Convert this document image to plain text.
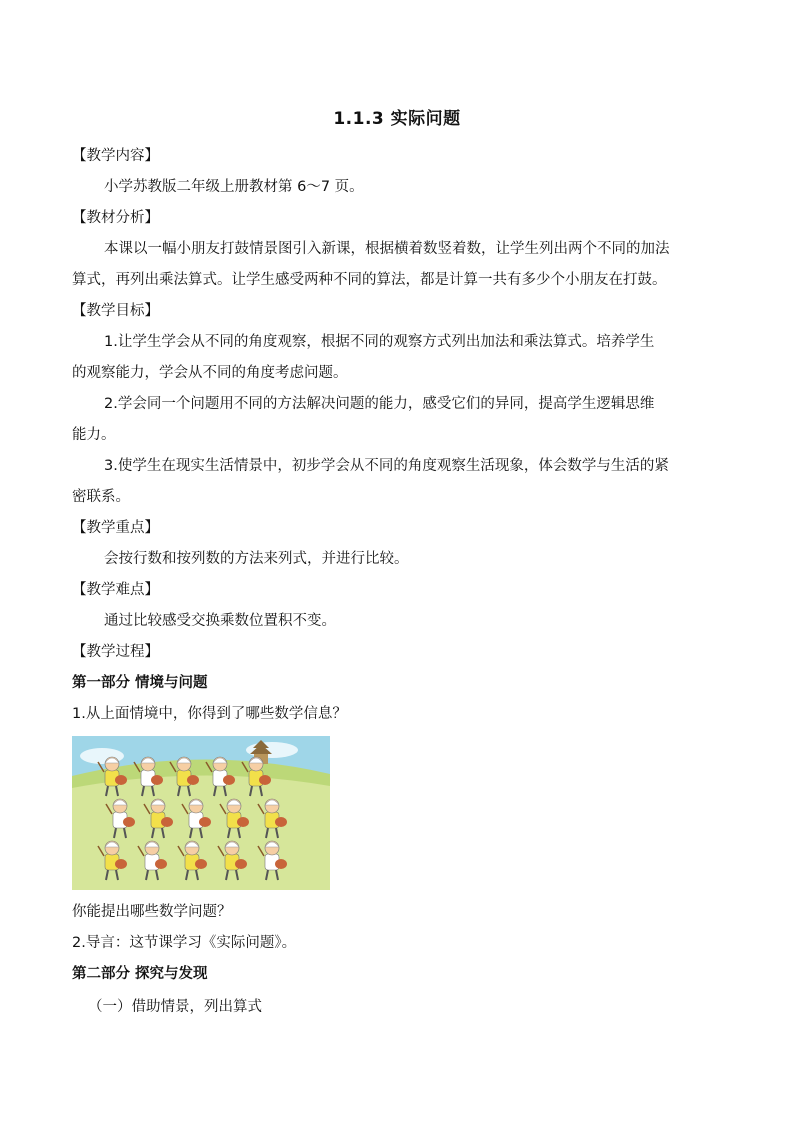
1.1.3 实际问题
【教学内容】
小学苏教版二年级上册教材第 6～7 页。
【教材分析】
本课以一幅小朋友打鼓情景图引入新课，根据横着数竖着数，让学生列出两个不同的加法
算式，再列出乘法算式。让学生感受两种不同的算法，都是计算一共有多少个小朋友在打鼓。
【教学目标】
1.让学生学会从不同的角度观察，根据不同的观察方式列出加法和乘法算式。培养学生
的观察能力，学会从不同的角度考虑问题。
2.学会同一个问题用不同的方法解决问题的能力，感受它们的异同，提高学生逻辑思维
能力。
3.使学生在现实生活情景中，初步学会从不同的角度观察生活现象，体会数学与生活的紧
密联系。
【教学重点】
会按行数和按列数的方法来列式，并进行比较。
【教学难点】
通过比较感受交换乘数位置积不变。
【教学过程】
第一部分 情境与问题
1.从上面情境中，你得到了哪些数学信息？
你能提出哪些数学问题？
2.导言：这节课学习《实际问题》。
第二部分 探究与发现
（一）借助情景，列出算式
